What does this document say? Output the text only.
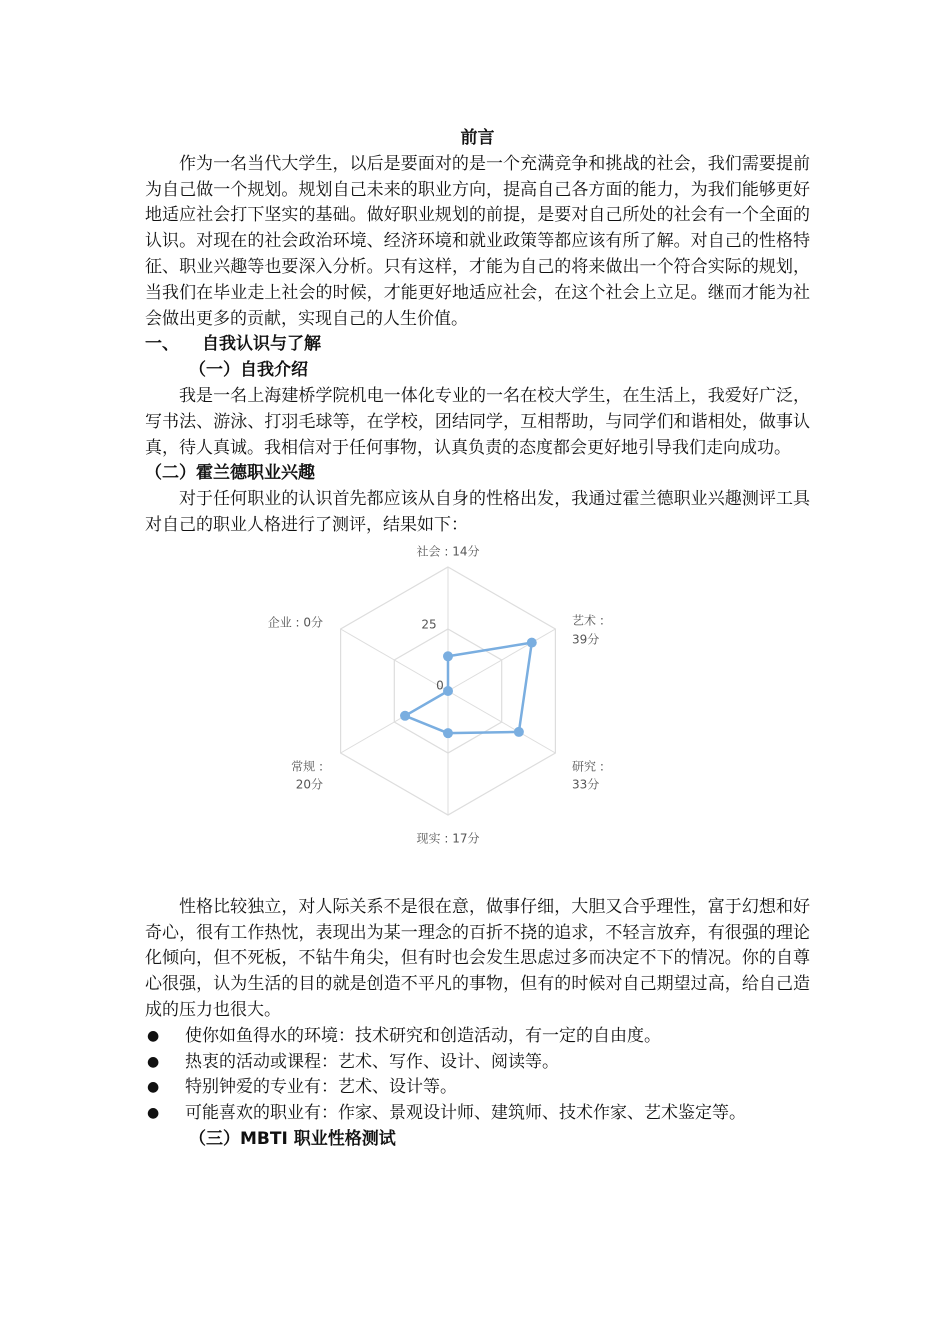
前言

作为一名当代大学生，以后是要面对的是一个充满竞争和挑战的社会，我们需要提前为自己做一个规划。规划自己未来的职业方向，提高自己各方面的能力，为我们能够更好地适应社会打下坚实的基础。做好职业规划的前提，是要对自己所处的社会有一个全面的认识。对现在的社会政治环境、经济环境和就业政策等都应该有所了解。对自己的性格特征、职业兴趣等也要深入分析。只有这样，才能为自己的将来做出一个符合实际的规划，当我们在毕业走上社会的时候，才能更好地适应社会，在这个社会上立足。继而才能为社会做出更多的贡献，实现自己的人生价值。

一、	自我认识与了解
（一）自我介绍

我是一名上海建桥学院机电一体化专业的一名在校大学生，在生活上，我爱好广泛，写书法、游泳、打羽毛球等，在学校，团结同学，互相帮助，与同学们和谐相处，做事认真，待人真诚。我相信对于任何事物，认真负责的态度都会更好地引导我们走向成功。

（二）霍兰德职业兴趣

对于任何职业的认识首先都应该从自身的性格出发，我通过霍兰德职业兴趣测评工具对自己的职业人格进行了测评，结果如下：

社会 : 14分
艺术 :
39分
研究 :
33分
现实 : 17分
常规 :
20分
企业 : 0分	25
0

性格比较独立，对人际关系不是很在意，做事仔细，大胆又合乎理性，富于幻想和好奇心，很有工作热忱，表现出为某一理念的百折不挠的追求，不轻言放弃，有很强的理论化倾向，但不死板，不钻牛角尖，但有时也会发生思虑过多而决定不下的情况。你的自尊心很强，认为生活的目的就是创造不平凡的事物，但有的时候对自己期望过高，给自己造成的压力也很大。

●	使你如鱼得水的环境：技术研究和创造活动，有一定的自由度。
●	热衷的活动或课程：艺术、写作、设计、阅读等。
●	特别钟爱的专业有：艺术、设计等。
●	可能喜欢的职业有：作家、景观设计师、建筑师、技术作家、艺术鉴定等。
（三）MBTI 职业性格测试
